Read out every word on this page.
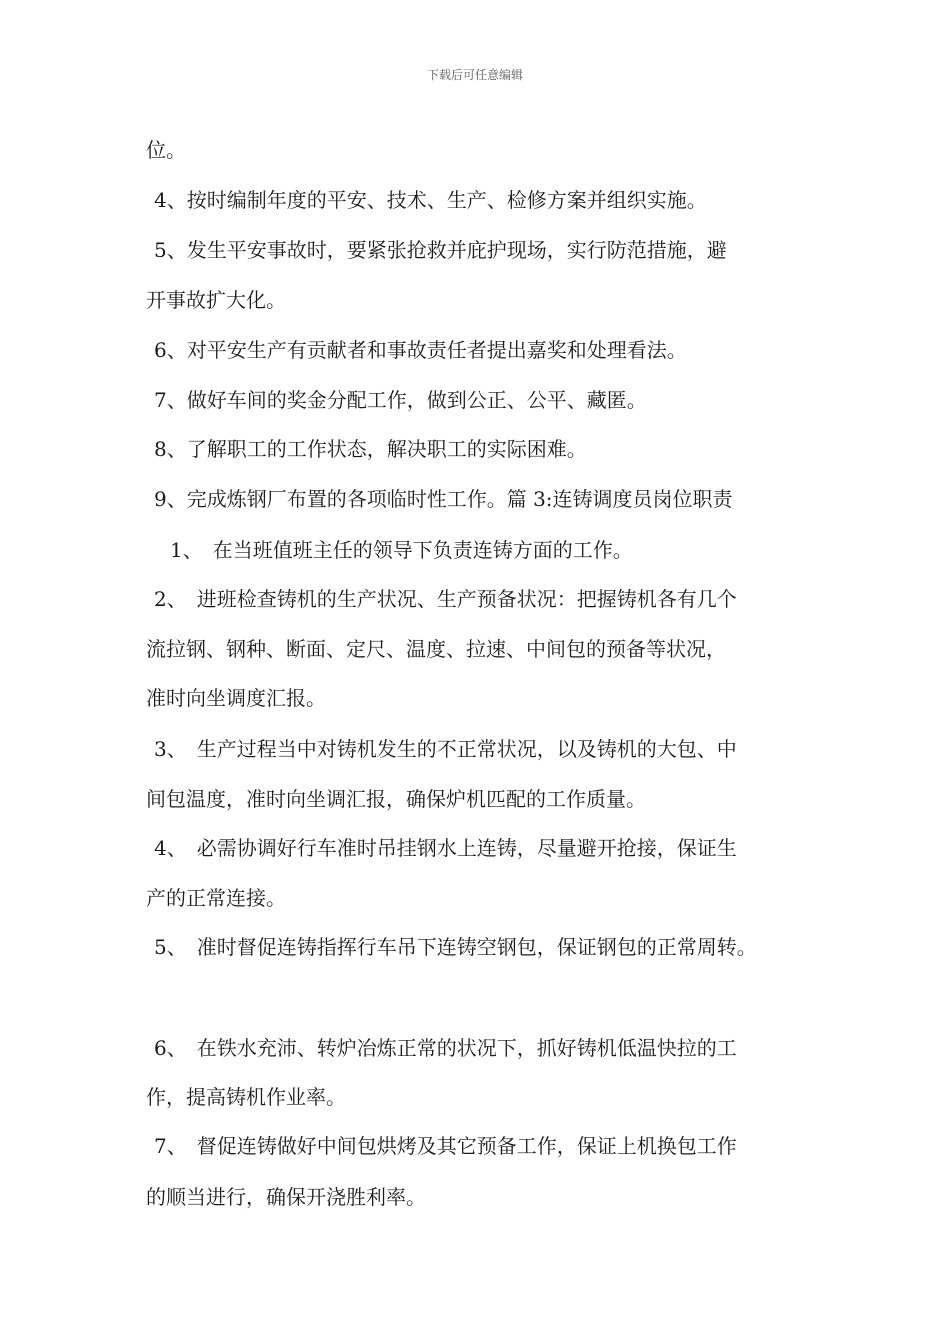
下载后可任意编辑
位。
4、按时编制年度的平安、技术、生产、检修方案并组织实施。
5、发生平安事故时，要紧张抢救并庇护现场，实行防范措施，避
开事故扩大化。
6、对平安生产有贡献者和事故责任者提出嘉奖和处理看法。
7、做好车间的奖金分配工作，做到公正、公平、藏匿。
8、了解职工的工作状态，解决职工的实际困难。
9、完成炼钢厂布置的各项临时性工作。篇 3:连铸调度员岗位职责
1、　在当班值班主任的领导下负责连铸方面的工作。
2、　进班检查铸机的生产状况、生产预备状况：把握铸机各有几个
流拉钢、钢种、断面、定尺、温度、拉速、中间包的预备等状况，
准时向坐调度汇报。
3、　生产过程当中对铸机发生的不正常状况，以及铸机的大包、中
间包温度，准时向坐调汇报，确保炉机匹配的工作质量。
4、　必需协调好行车准时吊挂钢水上连铸，尽量避开抢接，保证生
产的正常连接。
5、　准时督促连铸指挥行车吊下连铸空钢包，保证钢包的正常周转。
6、　在铁水充沛、转炉冶炼正常的状况下，抓好铸机低温快拉的工
作，提高铸机作业率。
7、　督促连铸做好中间包烘烤及其它预备工作，保证上机换包工作
的顺当进行，确保开浇胜利率。
